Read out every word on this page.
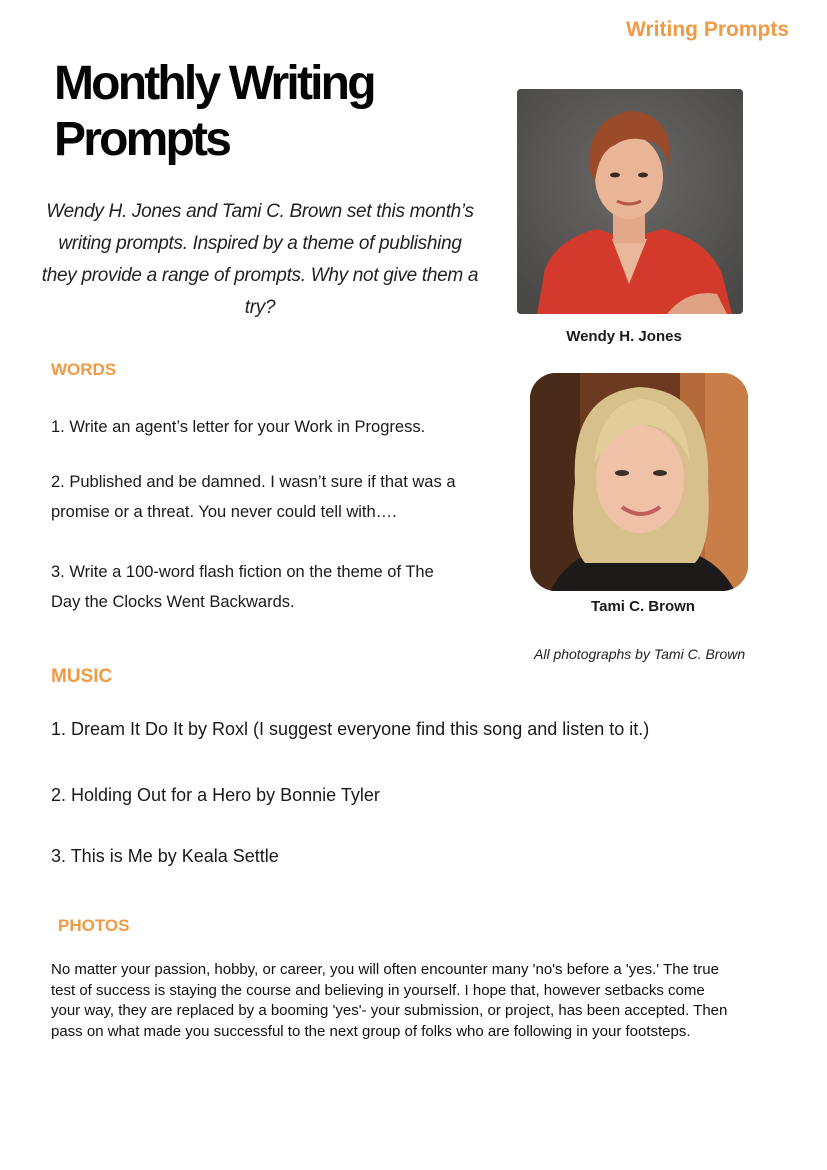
Writing Prompts
Monthly Writing Prompts

Wendy H. Jones and Tami C. Brown set this month’s writing prompts. Inspired by a theme of publishing they provide a range of prompts. Why not give them a try?

Wendy H. Jones
Tami C. Brown
All photographs by Tami C. Brown
WORDS

1. Write an agent’s letter for your Work in Progress.

2. Published and be damned. I wasn’t sure if that was a promise or a threat. You never could tell with….

3. Write a 100-word flash fiction on the theme of The Day the Clocks Went Backwards.

MUSIC

1. Dream It Do It by Roxl (I suggest everyone find this song and listen to it.)

2. Holding Out for a Hero by Bonnie Tyler

3. This is Me by Keala Settle

PHOTOS

No matter your passion, hobby, or career, you will often encounter many 'no's before a 'yes.' The true test of success is staying the course and believing in yourself. I hope that, however setbacks come your way, they are replaced by a booming 'yes'- your submission, or project, has been accepted. Then pass on what made you successful to the next group of folks who are following in your footsteps.
